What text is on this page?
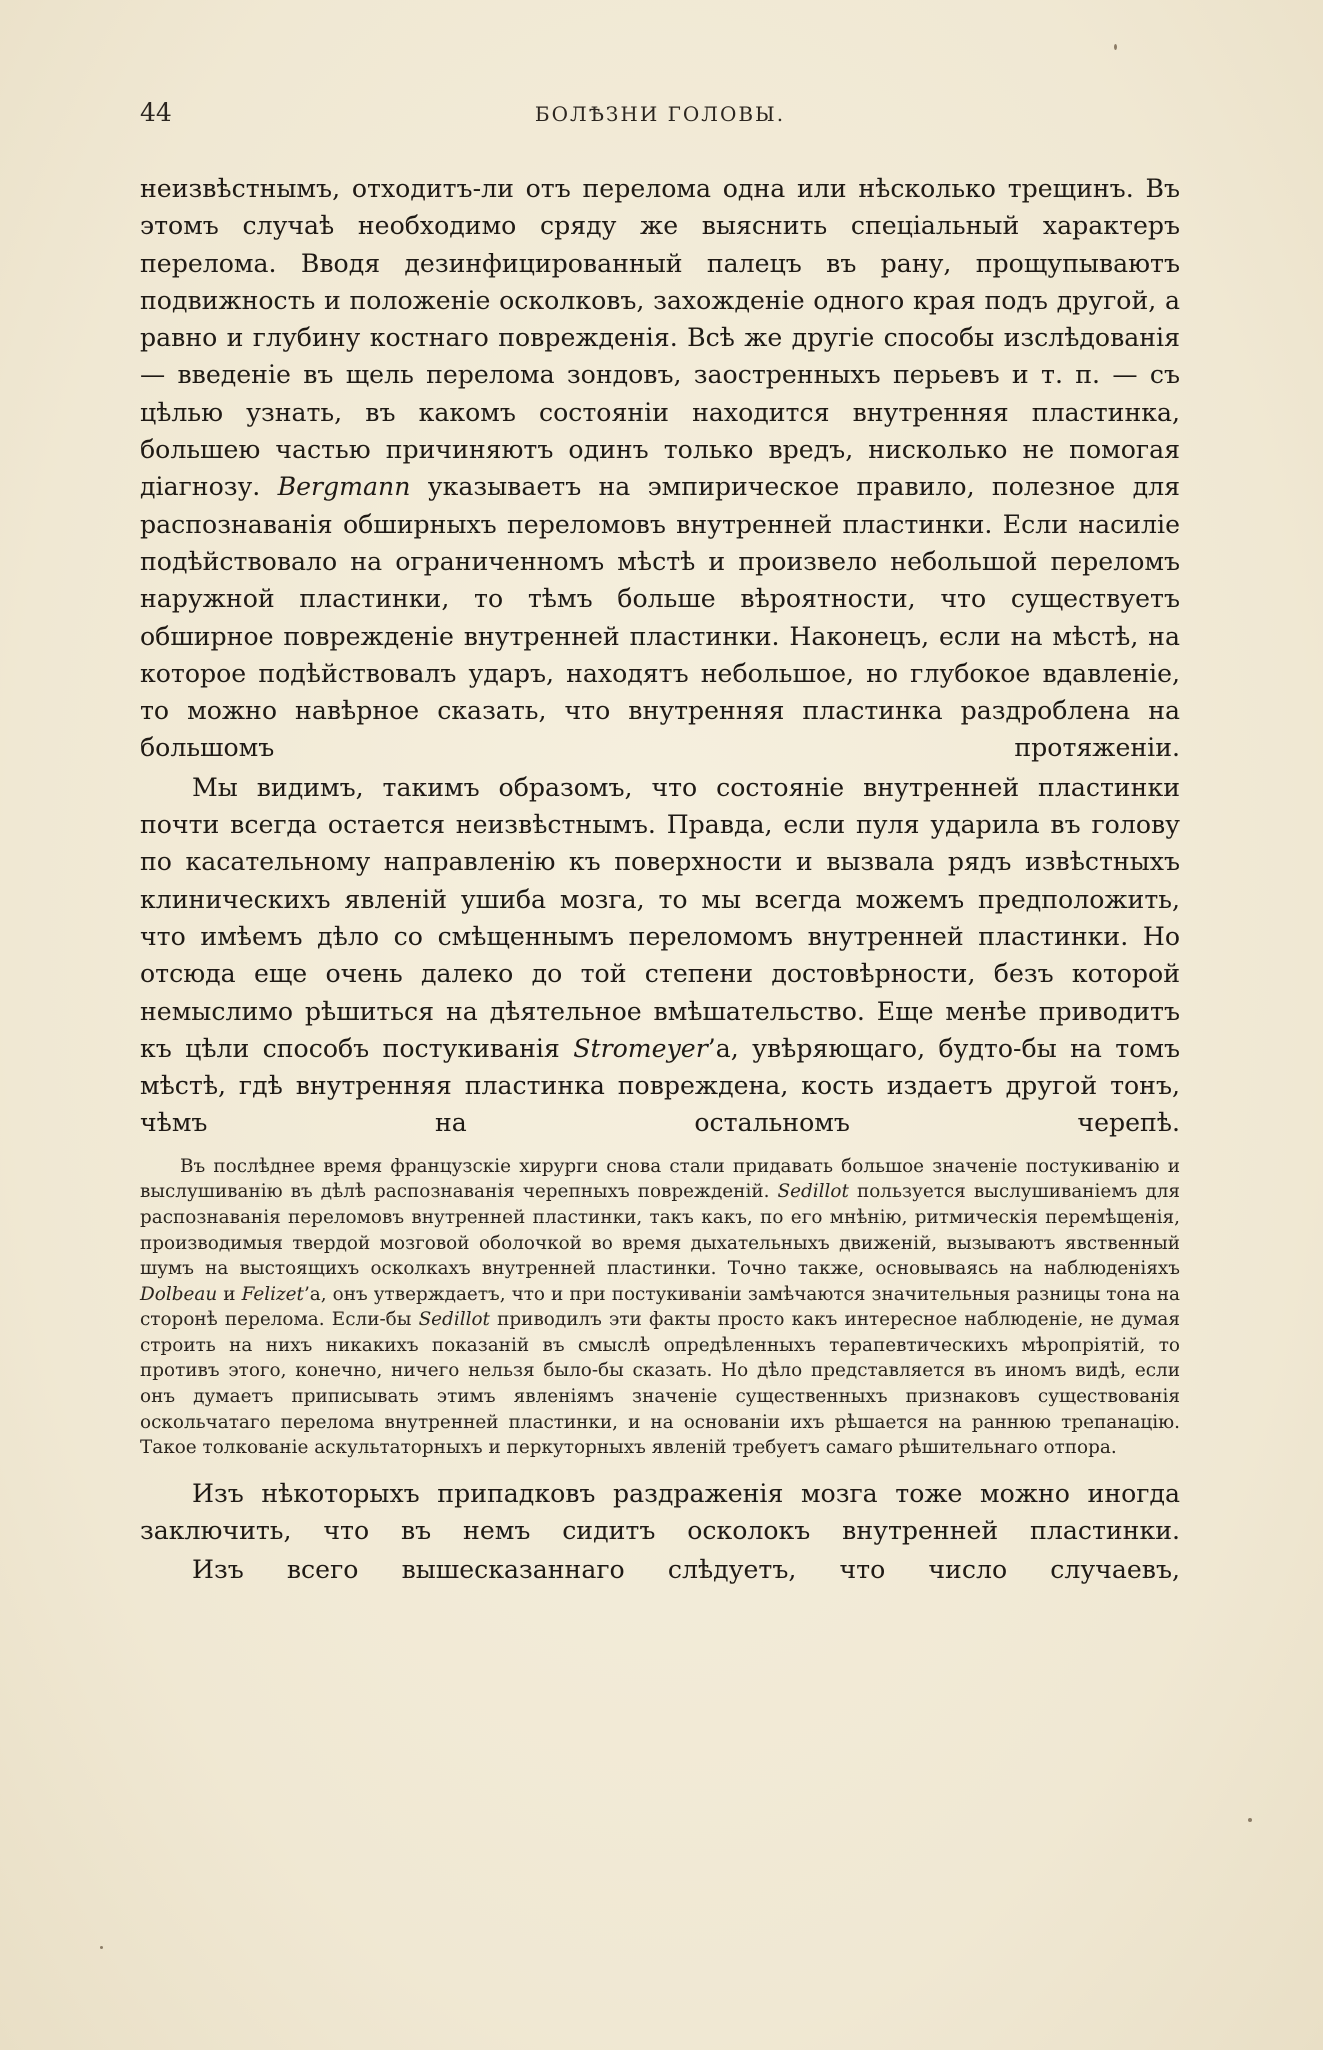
44	БОЛѢЗНИ ГОЛОВЫ.

неизвѣстнымъ, отходитъ-ли отъ перелома одна или нѣсколько трещинъ. Въ этомъ случаѣ необходимо сряду же выяснить спеціальный характеръ перелома. Вводя дезинфицированный палецъ въ рану, прощупываютъ подвижность и положеніе осколковъ, захожденіе одного края подъ другой, а равно и глубину костнаго поврежденія. Всѣ же другіе способы изслѣдованія — введеніе въ щель перелома зондовъ, заостренныхъ перьевъ и т. п. — съ цѣлью узнать, въ какомъ состояніи находится внутренняя пластинка, большею частью причиняютъ одинъ только вредъ, нисколько не помогая діагнозу. Bergmann указываетъ на эмпирическое правило, полезное для распознаванія обширныхъ переломовъ внутренней пластинки. Если насиліе подѣйствовало на ограниченномъ мѣстѣ и произвело небольшой переломъ наружной пластинки, то тѣмъ больше вѣроятности, что существуетъ обширное поврежденіе внутренней пластинки. Наконецъ, если на мѣстѣ, на которое подѣйствовалъ ударъ, находятъ небольшое, но глубокое вдавленіе, то можно навѣрное сказать, что внутренняя пластинка раздроблена на большомъ протяженіи.

Мы видимъ, такимъ образомъ, что состояніе внутренней пластинки почти всегда остается неизвѣстнымъ. Правда, если пуля ударила въ голову по касательному направленію къ поверхности и вызвала рядъ извѣстныхъ клиническихъ явленій ушиба мозга, то мы всегда можемъ предположить, что имѣемъ дѣло со смѣщеннымъ переломомъ внутренней пластинки. Но отсюда еще очень далеко до той степени достовѣрности, безъ которой немыслимо рѣшиться на дѣятельное вмѣшательство. Еще менѣе приводитъ къ цѣли способъ постукиванія Stromeyer’а, увѣряющаго, будто-бы на томъ мѣстѣ, гдѣ внутренняя пластинка повреждена, кость издаетъ другой тонъ, чѣмъ на остальномъ черепѣ.

Въ послѣднее время французскіе хирурги снова стали придавать большое значеніе постукиванію и выслушиванію въ дѣлѣ распознаванія черепныхъ поврежденій. Sedillot пользуется выслушиваніемъ для распознаванія переломовъ внутренней пластинки, такъ какъ, по его мнѣнію, ритмическія перемѣщенія, производимыя твердой мозговой оболочкой во время дыхательныхъ движеній, вызываютъ явственный шумъ на выстоящихъ осколкахъ внутренней пластинки. Точно также, основываясь на наблюденіяхъ Dolbeau и Felizet’а, онъ утверждаетъ, что и при постукиваніи замѣчаются значительныя разницы тона на сторонѣ перелома. Если-бы Sedillot приводилъ эти факты просто какъ интересное наблюденіе, не думая строить на нихъ никакихъ показаній въ смыслѣ опредѣленныхъ терапевтическихъ мѣропріятій, то противъ этого, конечно, ничего нельзя было-бы сказать. Но дѣло представляется въ иномъ видѣ, если онъ думаетъ приписывать этимъ явленіямъ значеніе существенныхъ признаковъ существованія оскольчатаго перелома внутренней пластинки, и на основаніи ихъ рѣшается на раннюю трепанацію. Такое толкованіе аскультаторныхъ и перкуторныхъ явленій требуетъ самаго рѣшительнаго отпора.

Изъ нѣкоторыхъ припадковъ раздраженія мозга тоже можно иногда заключить, что въ немъ сидитъ осколокъ внутренней пластинки.

Изъ всего вышесказаннаго слѣдуетъ, что число случаевъ,
